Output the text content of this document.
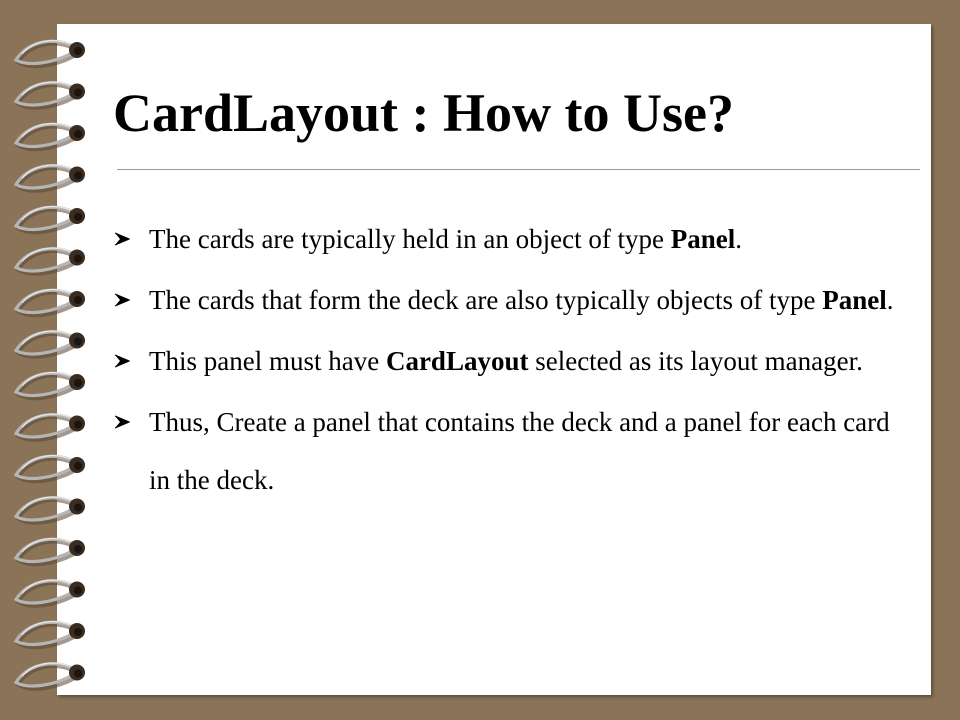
CardLayout : How to Use?
The cards are typically held in an object of type Panel.
The cards that form the deck are also typically objects of type Panel.
This panel must have CardLayout selected as its layout manager.
Thus, Create a panel that contains the deck and a panel for each card in the deck.
